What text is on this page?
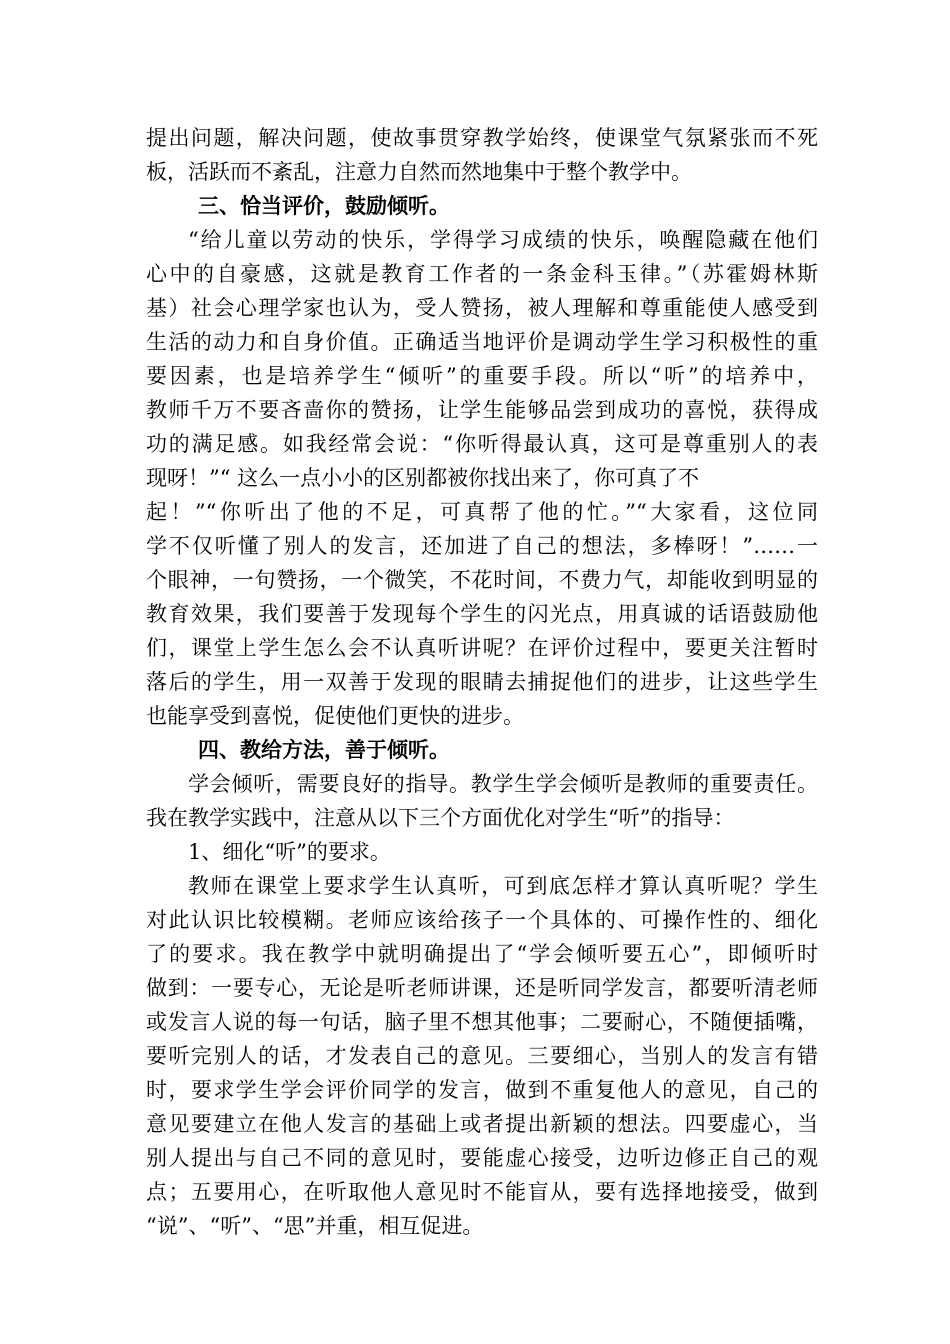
提出问题，解决问题，使故事贯穿教学始终，使课堂气氛紧张而不死
板，活跃而不紊乱，注意力自然而然地集中于整个教学中。
三、恰当评价，鼓励倾听。
“给儿童以劳动的快乐，学得学习成绩的快乐，唤醒隐藏在他们
心中的自豪感，这就是教育工作者的一条金科玉律。”（苏霍姆林斯
基）社会心理学家也认为，受人赞扬，被人理解和尊重能使人感受到
生活的动力和自身价值。正确适当地评价是调动学生学习积极性的重
要因素，也是培养学生“倾听”的重要手段。所以“听”的培养中，
教师千万不要吝啬你的赞扬，让学生能够品尝到成功的喜悦，获得成
功的满足感。如我经常会说：“你听得最认真，这可是尊重别人的表
现呀！”“ 这么一点小小的区别都被你找出来了，你可真了不
起！”“你听出了他的不足，可真帮了他的忙。”“大家看，这位同
学不仅听懂了别人的发言，还加进了自己的想法，多棒呀！”……一
个眼神，一句赞扬，一个微笑，不花时间，不费力气，却能收到明显的
教育效果，我们要善于发现每个学生的闪光点，用真诚的话语鼓励他
们，课堂上学生怎么会不认真听讲呢？在评价过程中，要更关注暂时
落后的学生，用一双善于发现的眼睛去捕捉他们的进步，让这些学生
也能享受到喜悦，促使他们更快的进步。
四、教给方法，善于倾听。
学会倾听，需要良好的指导。教学生学会倾听是教师的重要责任。
我在教学实践中，注意从以下三个方面优化对学生“听”的指导：
1、细化“听”的要求。
教师在课堂上要求学生认真听，可到底怎样才算认真听呢？学生
对此认识比较模糊。老师应该给孩子一个具体的、可操作性的、细化
了的要求。我在教学中就明确提出了“学会倾听要五心”，即倾听时
做到：一要专心，无论是听老师讲课，还是听同学发言，都要听清老师
或发言人说的每一句话，脑子里不想其他事；二要耐心，不随便插嘴，
要听完别人的话，才发表自己的意见。三要细心，当别人的发言有错
时，要求学生学会评价同学的发言，做到不重复他人的意见，自己的
意见要建立在他人发言的基础上或者提出新颖的想法。四要虚心，当
别人提出与自己不同的意见时，要能虚心接受，边听边修正自己的观
点；五要用心，在听取他人意见时不能盲从，要有选择地接受，做到
“说”、“听”、“思”并重，相互促进。
